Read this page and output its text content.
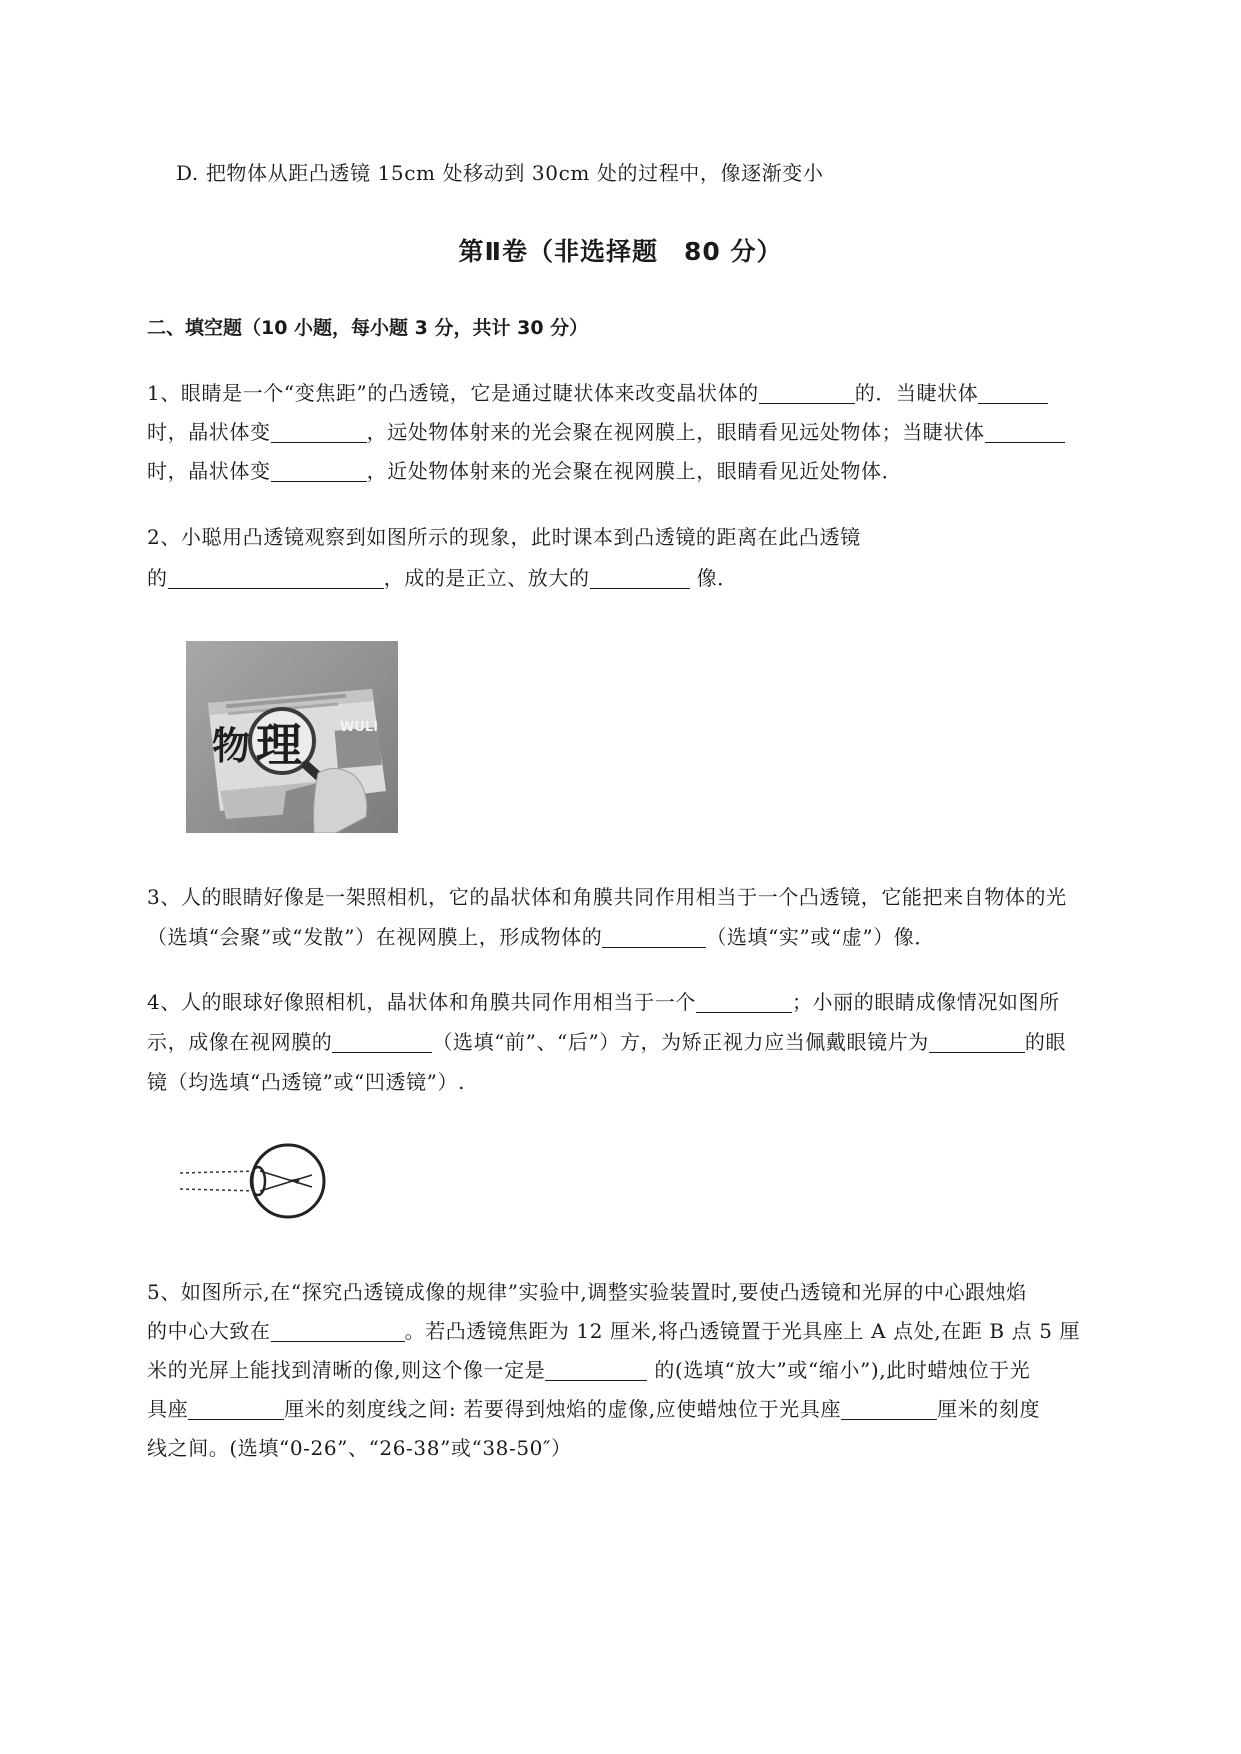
D. 把物体从距凸透镜 15cm 处移动到 30cm 处的过程中，像逐渐变小
第Ⅱ卷（非选择题　80 分）
二、填空题（10 小题，每小题 3 分，共计 30 分）
1、眼睛是一个“变焦距”的凸透镜，它是通过睫状体来改变晶状体的	的．当睫状体
时，晶状体变	，远处物体射来的光会聚在视网膜上，眼睛看见远处物体；当睫状体
时，晶状体变	，近处物体射来的光会聚在视网膜上，眼睛看见近处物体．
2、小聪用凸透镜观察到如图所示的现象，此时课本到凸透镜的距离在此凸透镜
的	，成的是正立、放大的	像．
物 理	WULI
3、人的眼睛好像是一架照相机，它的晶状体和角膜共同作用相当于一个凸透镜，它能把来自物体的光
（选填“会聚”或“发散”）在视网膜上，形成物体的	（选填“实”或“虚”）像．
4、人的眼球好像照相机，晶状体和角膜共同作用相当于一个	；小丽的眼睛成像情况如图所
示，成像在视网膜的	（选填“前”、“后”）方，为矫正视力应当佩戴眼镜片为	的眼
镜（均选填“凸透镜”或“凹透镜”）.
5、如图所示,在“探究凸透镜成像的规律”实验中,调整实验装置时,要使凸透镜和光屏的中心跟烛焰
的中心大致在	。若凸透镜焦距为 12 厘米,将凸透镜置于光具座上 A 点处,在距 B 点 5 厘
米的光屏上能找到清晰的像,则这个像一定是	的(选填“放大”或“缩小”),此时蜡烛位于光
具座	厘米的刻度线之间: 若要得到烛焰的虚像,应使蜡烛位于光具座	厘米的刻度
线之间。(选填“0-26”、“26-38”或“38-50″）
